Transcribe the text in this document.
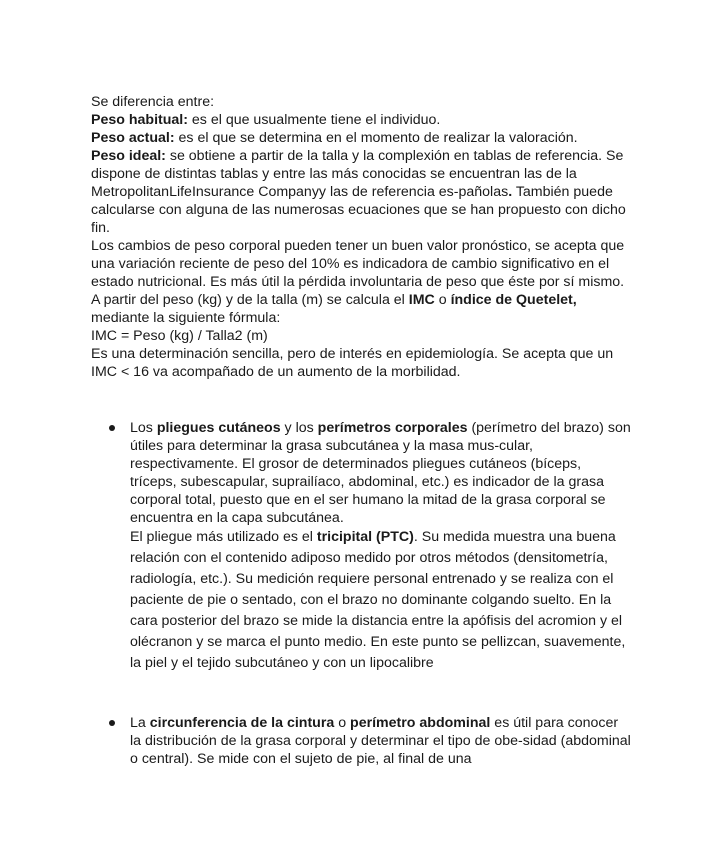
Se diferencia entre:

Peso habitual: es el que usualmente tiene el individuo.

Peso actual: es el que se determina en el momento de realizar la valoración.

Peso ideal: se obtiene a partir de la talla y la complexión en tablas de referencia. Se dispone de distintas tablas y entre las más conocidas se encuentran las de la MetropolitanLifeInsurance Companyy las de referencia es-pañolas. También puede calcularse con alguna de las numerosas ecuaciones que se han propuesto con dicho fin.

Los cambios de peso corporal pueden tener un buen valor pronóstico, se acepta que una variación reciente de peso del 10% es indicadora de cambio significativo en el estado nutricional. Es más útil la pérdida involuntaria de peso que éste por sí mismo.

A partir del peso (kg) y de la talla (m) se calcula el IMC o índice de Quetelet, mediante la siguiente fórmula:

IMC = Peso (kg) / Talla2 (m)

Es una determinación sencilla, pero de interés en epidemiología. Se acepta que un IMC < 16 va acompañado de un aumento de la morbilidad.

Los pliegues cutáneos y los perímetros corporales (perímetro del brazo) son útiles para determinar la grasa subcutánea y la masa mus-cular, respectivamente. El grosor de determinados pliegues cutáneos (bíceps, tríceps, subescapular, suprailíaco, abdominal, etc.) es indicador de la grasa corporal total, puesto que en el ser humano la mitad de la grasa corporal se encuentra en la capa subcutánea.

El pliegue más utilizado es el tricipital (PTC). Su medida muestra una buena relación con el contenido adiposo medido por otros métodos (densitometría, radiología, etc.). Su medición requiere personal entrenado y se realiza con el paciente de pie o sentado, con el brazo no dominante colgando suelto. En la cara posterior del brazo se mide la distancia entre la apófisis del acromion y el olécranon y se marca el punto medio. En este punto se pellizcan, suavemente, la piel y el tejido subcutáneo y con un lipocalibre

La circunferencia de la cintura o perímetro abdominal es útil para conocer la distribución de la grasa corporal y determinar el tipo de obe-sidad (abdominal o central). Se mide con el sujeto de pie, al final de una
